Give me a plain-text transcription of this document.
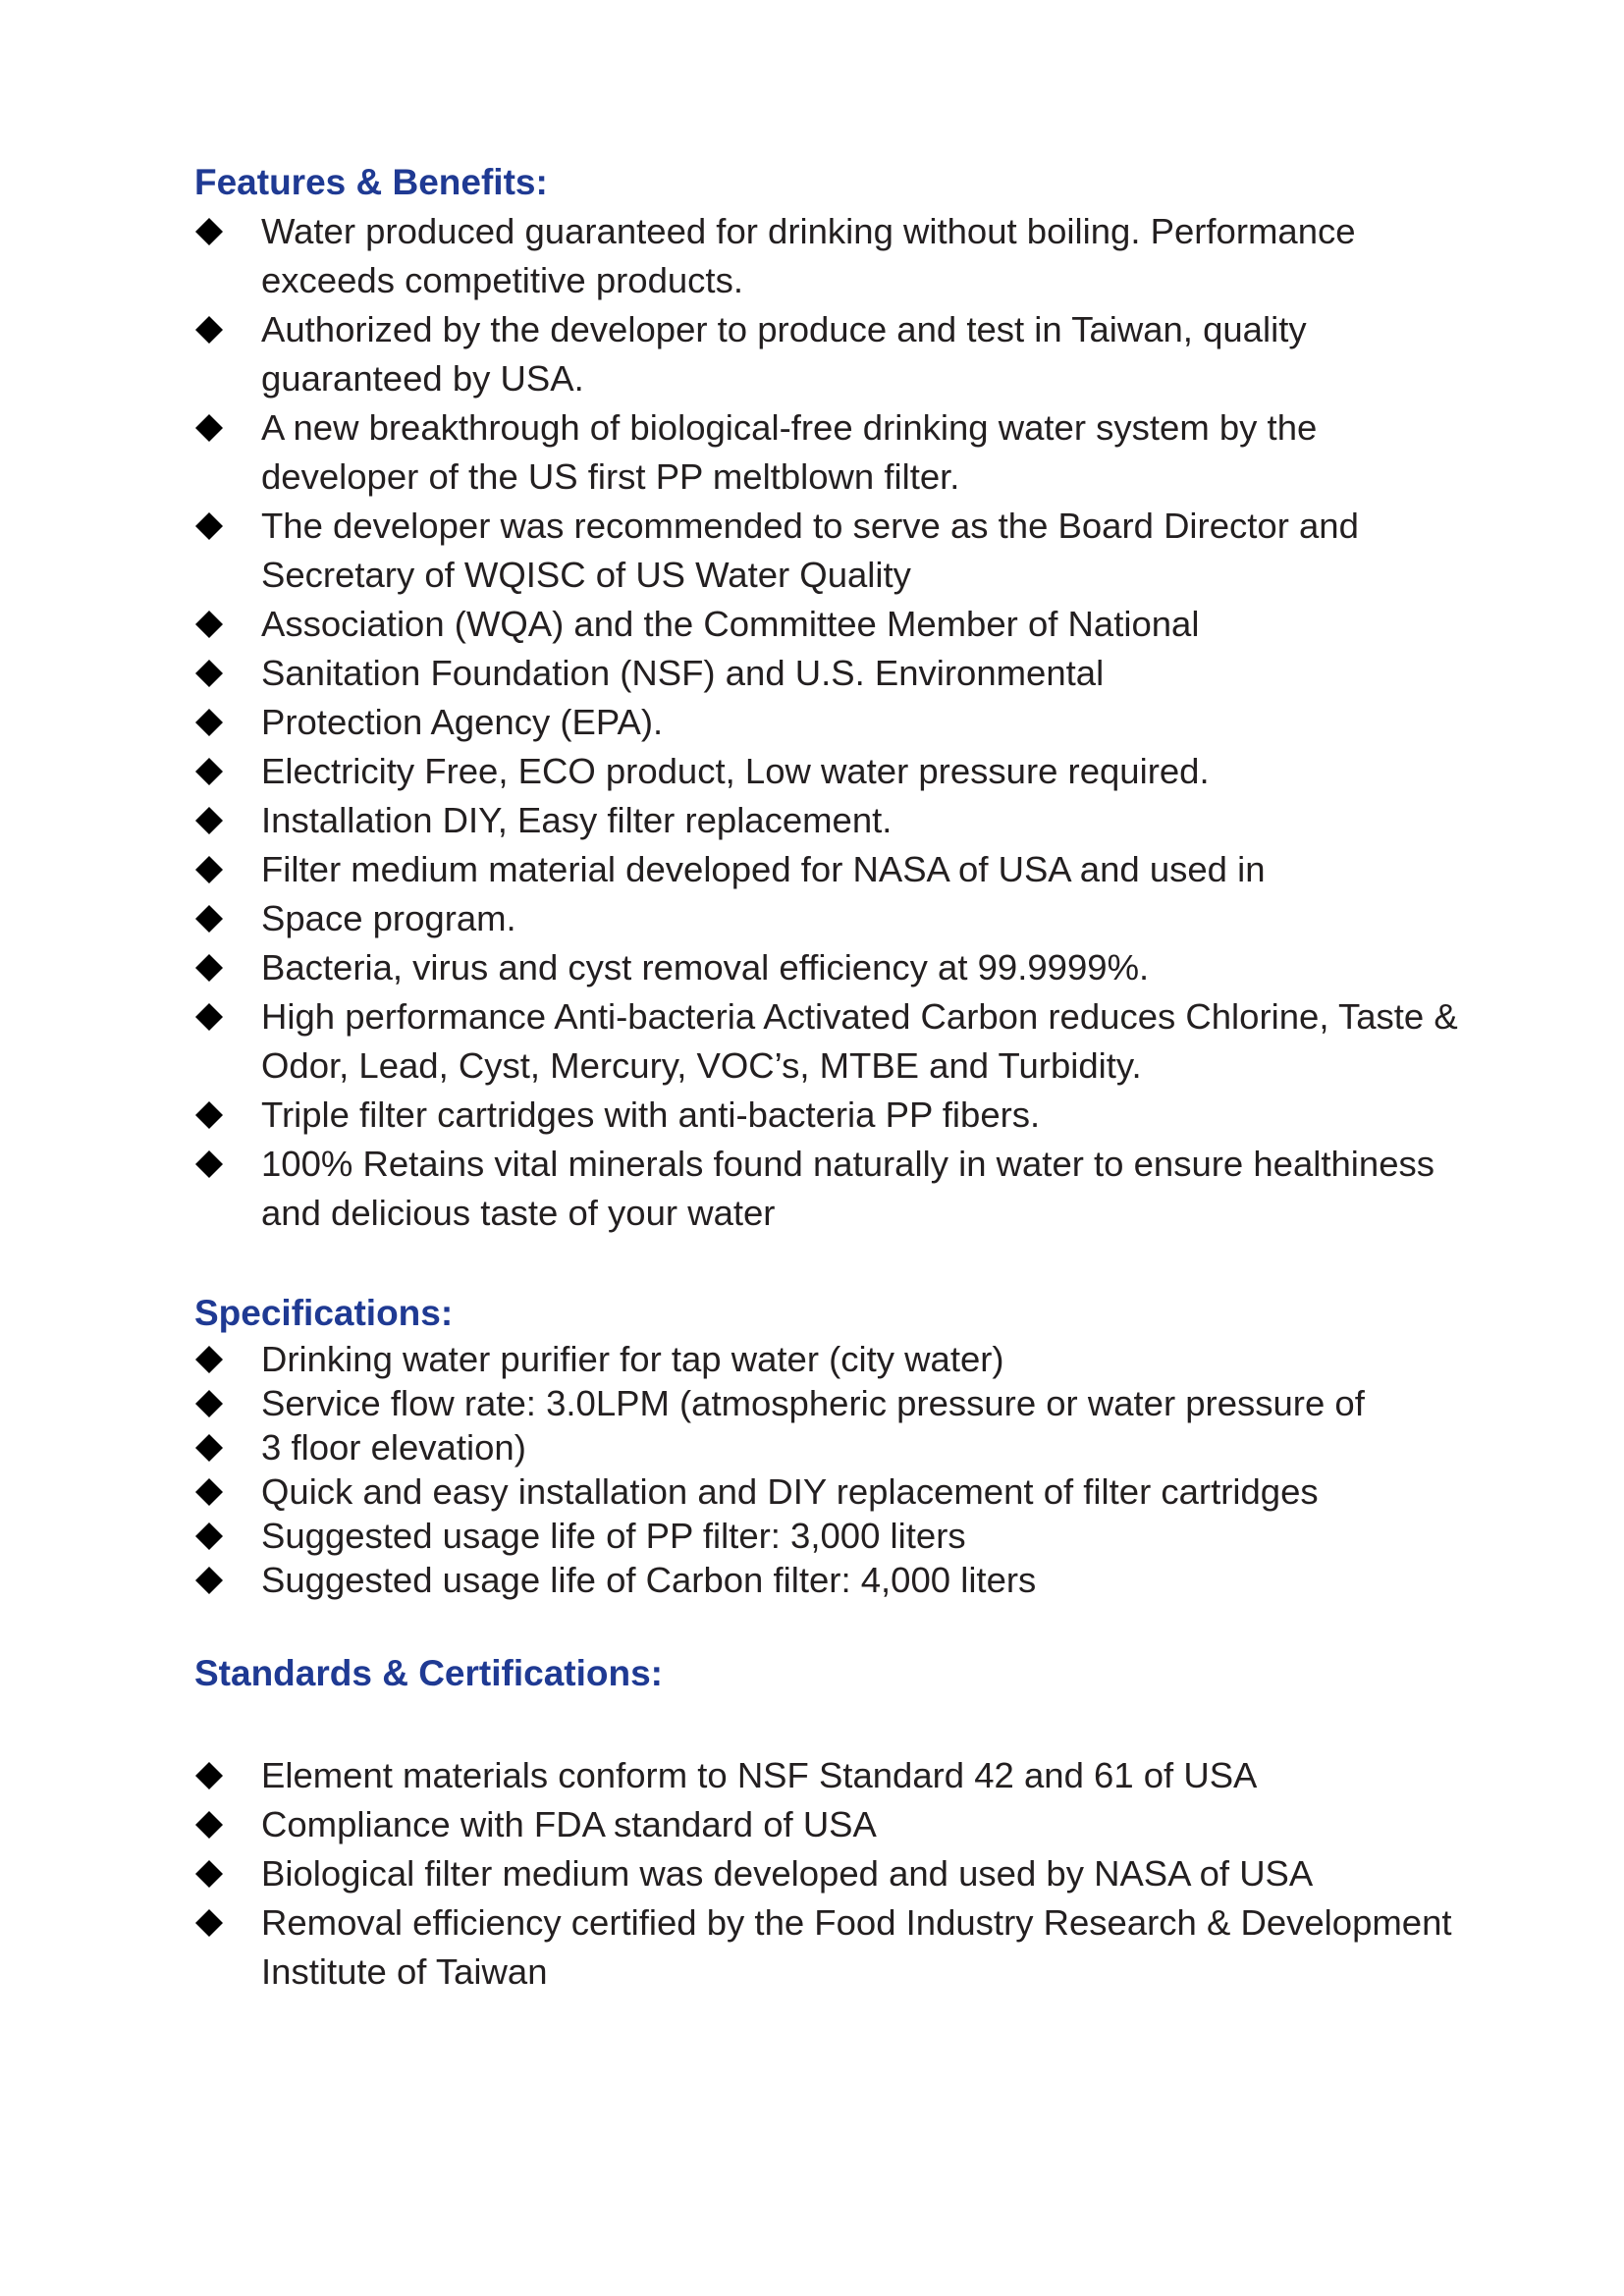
Features & Benefits:
Water produced guaranteed for drinking without boiling. Performance exceeds competitive products.
Authorized by the developer to produce and test in Taiwan, quality guaranteed by USA.
A new breakthrough of biological-free drinking water system by the developer of the US first PP meltblown filter.
The developer was recommended to serve as the Board Director and Secretary of WQISC of US Water Quality
Association (WQA) and the Committee Member of National
Sanitation Foundation (NSF) and U.S. Environmental
Protection Agency (EPA).
Electricity Free, ECO product, Low water pressure required.
Installation DIY, Easy filter replacement.
Filter medium material developed for NASA of USA and used in
Space program.
Bacteria, virus and cyst removal efficiency at 99.9999%.
High performance Anti-bacteria Activated Carbon reduces Chlorine, Taste & Odor, Lead, Cyst, Mercury, VOC’s, MTBE and Turbidity.
Triple filter cartridges with anti-bacteria PP fibers.
100% Retains vital minerals found naturally in water to ensure healthiness and delicious taste of your water
Specifications:
Drinking water purifier for tap water (city water)
Service flow rate: 3.0LPM (atmospheric pressure or water pressure of
3 floor elevation)
Quick and easy installation and DIY replacement of filter cartridges
Suggested usage life of PP filter: 3,000 liters
Suggested usage life of Carbon filter: 4,000 liters
Standards & Certifications:
Element materials conform to NSF Standard 42 and 61 of USA
Compliance with FDA standard of USA
Biological filter medium was developed and used by NASA of USA
Removal efficiency certified by the Food Industry Research & Development Institute of Taiwan
